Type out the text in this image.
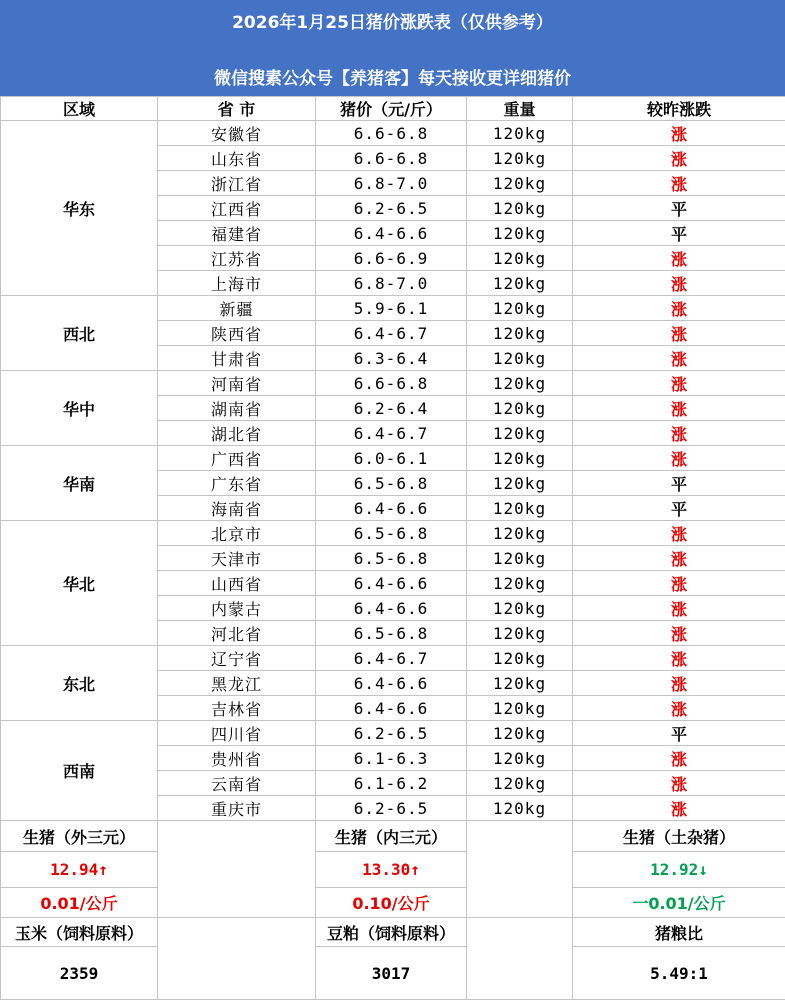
2026年1月25日猪价涨跌表（仅供参考）
微信搜素公众号【养猪客】每天接收更详细猪价
区域	省 市	猪价（元/斤）	重量	较昨涨跌
华东	安徽省	6.6-6.8	120kg	涨
	山东省	6.6-6.8	120kg	涨
	浙江省	6.8-7.0	120kg	涨
	江西省	6.2-6.5	120kg	平
	福建省	6.4-6.6	120kg	平
	江苏省	6.6-6.9	120kg	涨
	上海市	6.8-7.0	120kg	涨
西北	新疆	5.9-6.1	120kg	涨
	陕西省	6.4-6.7	120kg	涨
	甘肃省	6.3-6.4	120kg	涨
华中	河南省	6.6-6.8	120kg	涨
	湖南省	6.2-6.4	120kg	涨
	湖北省	6.4-6.7	120kg	涨
华南	广西省	6.0-6.1	120kg	涨
	广东省	6.5-6.8	120kg	平
	海南省	6.4-6.6	120kg	平
华北	北京市	6.5-6.8	120kg	涨
	天津市	6.5-6.8	120kg	涨
	山西省	6.4-6.6	120kg	涨
	内蒙古	6.4-6.6	120kg	涨
	河北省	6.5-6.8	120kg	涨
东北	辽宁省	6.4-6.7	120kg	涨
	黑龙江	6.4-6.6	120kg	涨
	吉林省	6.4-6.6	120kg	涨
西南	四川省	6.2-6.5	120kg	平
	贵州省	6.1-6.3	120kg	涨
	云南省	6.1-6.2	120kg	涨
	重庆市	6.2-6.5	120kg	涨
生猪（外三元）		生猪（内三元）		生猪（土杂猪）
12.94↑		13.30↑		12.92↓
0.01/公斤		0.10/公斤		一0.01/公斤
玉米（饲料原料）		豆粕（饲料原料）		猪粮比
2359		3017		5.49:1
